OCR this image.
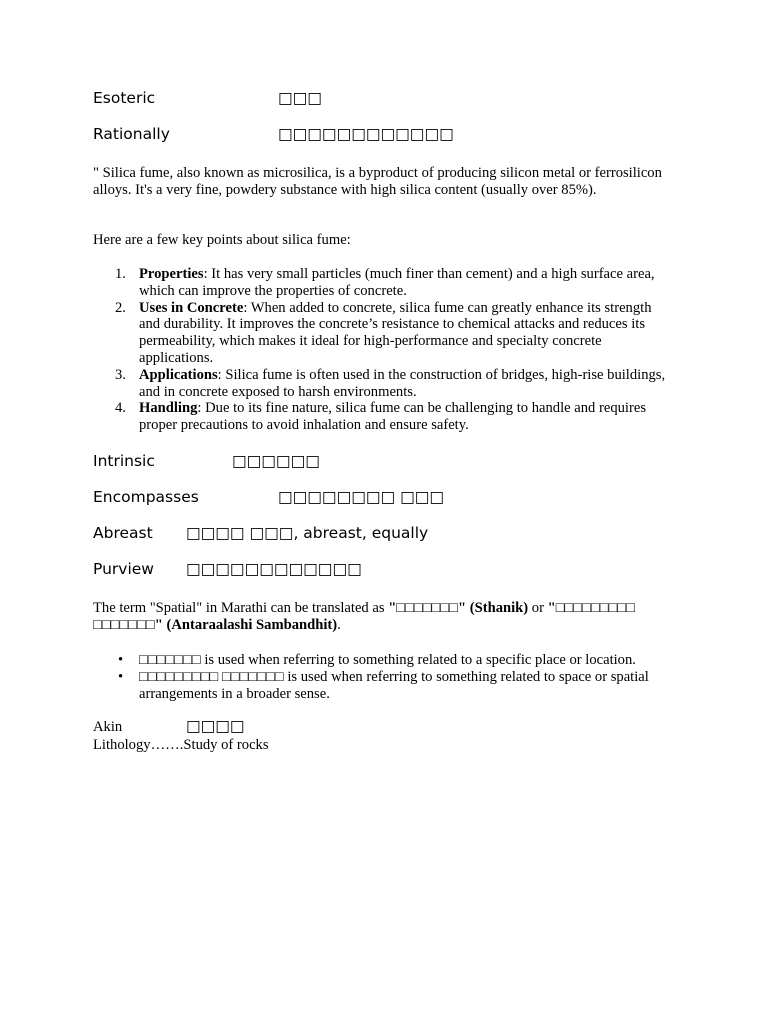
Esoteric	□□□
Rationally	□□□□□□□□□□□□
" Silica fume, also known as microsilica, is a byproduct of producing silicon metal or ferrosilicon alloys. It's a very fine, powdery substance with high silica content (usually over 85%).
Here are a few key points about silica fume:
1. Properties: It has very small particles (much finer than cement) and a high surface area, which can improve the properties of concrete.
2. Uses in Concrete: When added to concrete, silica fume can greatly enhance its strength and durability. It improves the concrete’s resistance to chemical attacks and reduces its permeability, which makes it ideal for high-performance and specialty concrete applications.
3. Applications: Silica fume is often used in the construction of bridges, high-rise buildings, and in concrete exposed to harsh environments.
4. Handling: Due to its fine nature, silica fume can be challenging to handle and requires proper precautions to avoid inhalation and ensure safety.
Intrinsic	□□□□□□
Encompasses	□□□□□□□□ □□□
Abreast □□□□ □□□, abreast, equally
Purview □□□□□□□□□□□□
The term "Spatial" in Marathi can be translated as "□□□□□□□" (Sthanik) or "□□□□□□□□□ □□□□□□□" (Antaraalashi Sambandhit).
• □□□□□□□ is used when referring to something related to a specific place or location.
• □□□□□□□□□ □□□□□□□ is used when referring to something related to space or spatial arrangements in a broader sense.
Akin	□□□□
Lithology…….Study of rocks
